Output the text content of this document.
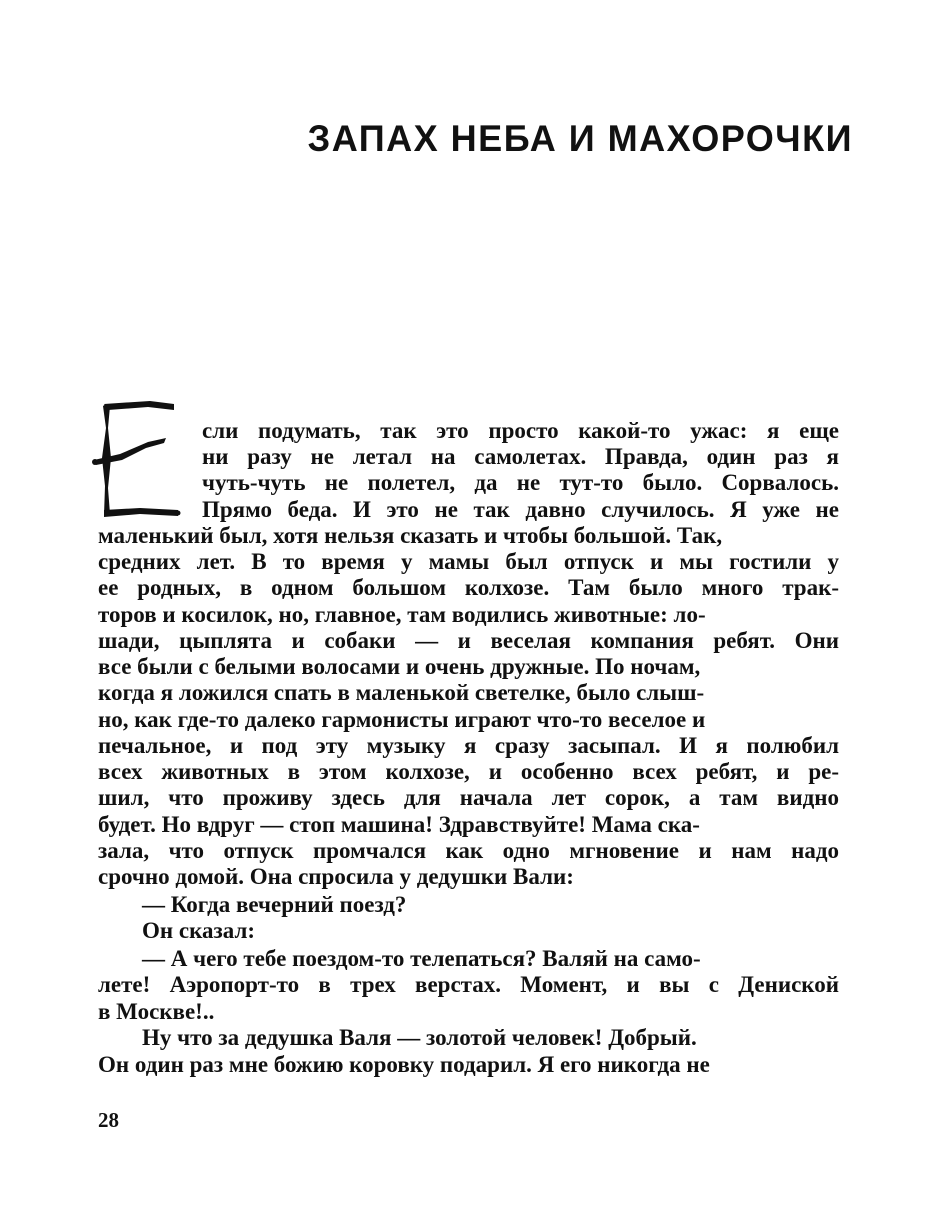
ЗАПАХ НЕБА И МАХОРОЧКИ
сли подумать, так это просто какой-то ужас: я еще
ни разу не летал на самолетах. Правда, один раз я
чуть-чуть не полетел, да не тут-то было. Сорвалось.
Прямо беда. И это не так давно случилось. Я уже не
маленький был, хотя нельзя сказать и чтобы большой. Так,
средних лет. В то время у мамы был отпуск и мы гостили у
ее родных, в одном большом колхозе. Там было много трак-
торов и косилок, но, главное, там водились животные: ло-
шади, цыплята и собаки — и веселая компания ребят. Они
все были с белыми волосами и очень дружные. По ночам,
когда я ложился спать в маленькой светелке, было слыш-
но, как где-то далеко гармонисты играют что-то веселое и
печальное, и под эту музыку я сразу засыпал. И я полюбил
всех животных в этом колхозе, и особенно всех ребят, и ре-
шил, что проживу здесь для начала лет сорок, а там видно
будет. Но вдруг — стоп машина! Здравствуйте! Мама ска-
зала, что отпуск промчался как одно мгновение и нам надо
срочно домой. Она спросила у дедушки Вали:
— Когда вечерний поезд?
Он сказал:
— А чего тебе поездом-то телепаться? Валяй на само-
лете! Аэропорт-то в трех верстах. Момент, и вы с Дениской
в Москве!..
Ну что за дедушка Валя — золотой человек! Добрый.
Он один раз мне божию коровку подарил. Я его никогда не
28
